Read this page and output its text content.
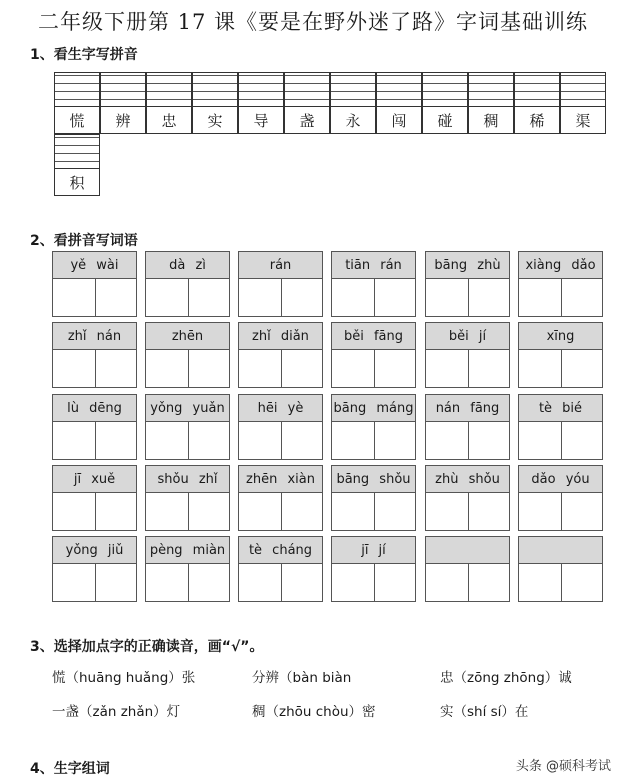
二年级下册第 17 课《要是在野外迷了路》字词基础训练
1、看生字写拼音
慌	辨	忠	实	导	盏	永	闯	碰	稠	稀	渠
积
2、看拼音写词语
yě wài	dà zì	rán	tiān rán	bāng zhù	xiàng dǎo
zhǐ nán	zhēn	zhǐ diǎn	běi fāng	běi jí	xīng
lù dēng	yǒng yuǎn	hēi yè	bāng máng	nán fāng	tè bié
jī xuě	shǒu zhǐ	zhēn xiàn	bāng shǒu	zhù shǒu	dǎo yóu
yǒng jiǔ	pèng miàn	tè cháng	jī jí
3、选择加点字的正确读音，画“√”。
慌（huāng huǎng）张	分辨（bàn biàn	忠（zōng zhōng）诚
一盏（zǎn zhǎn）灯	稠（zhōu chòu）密	实（shí sí）在
4、生字组词	头条 @硕科考试
